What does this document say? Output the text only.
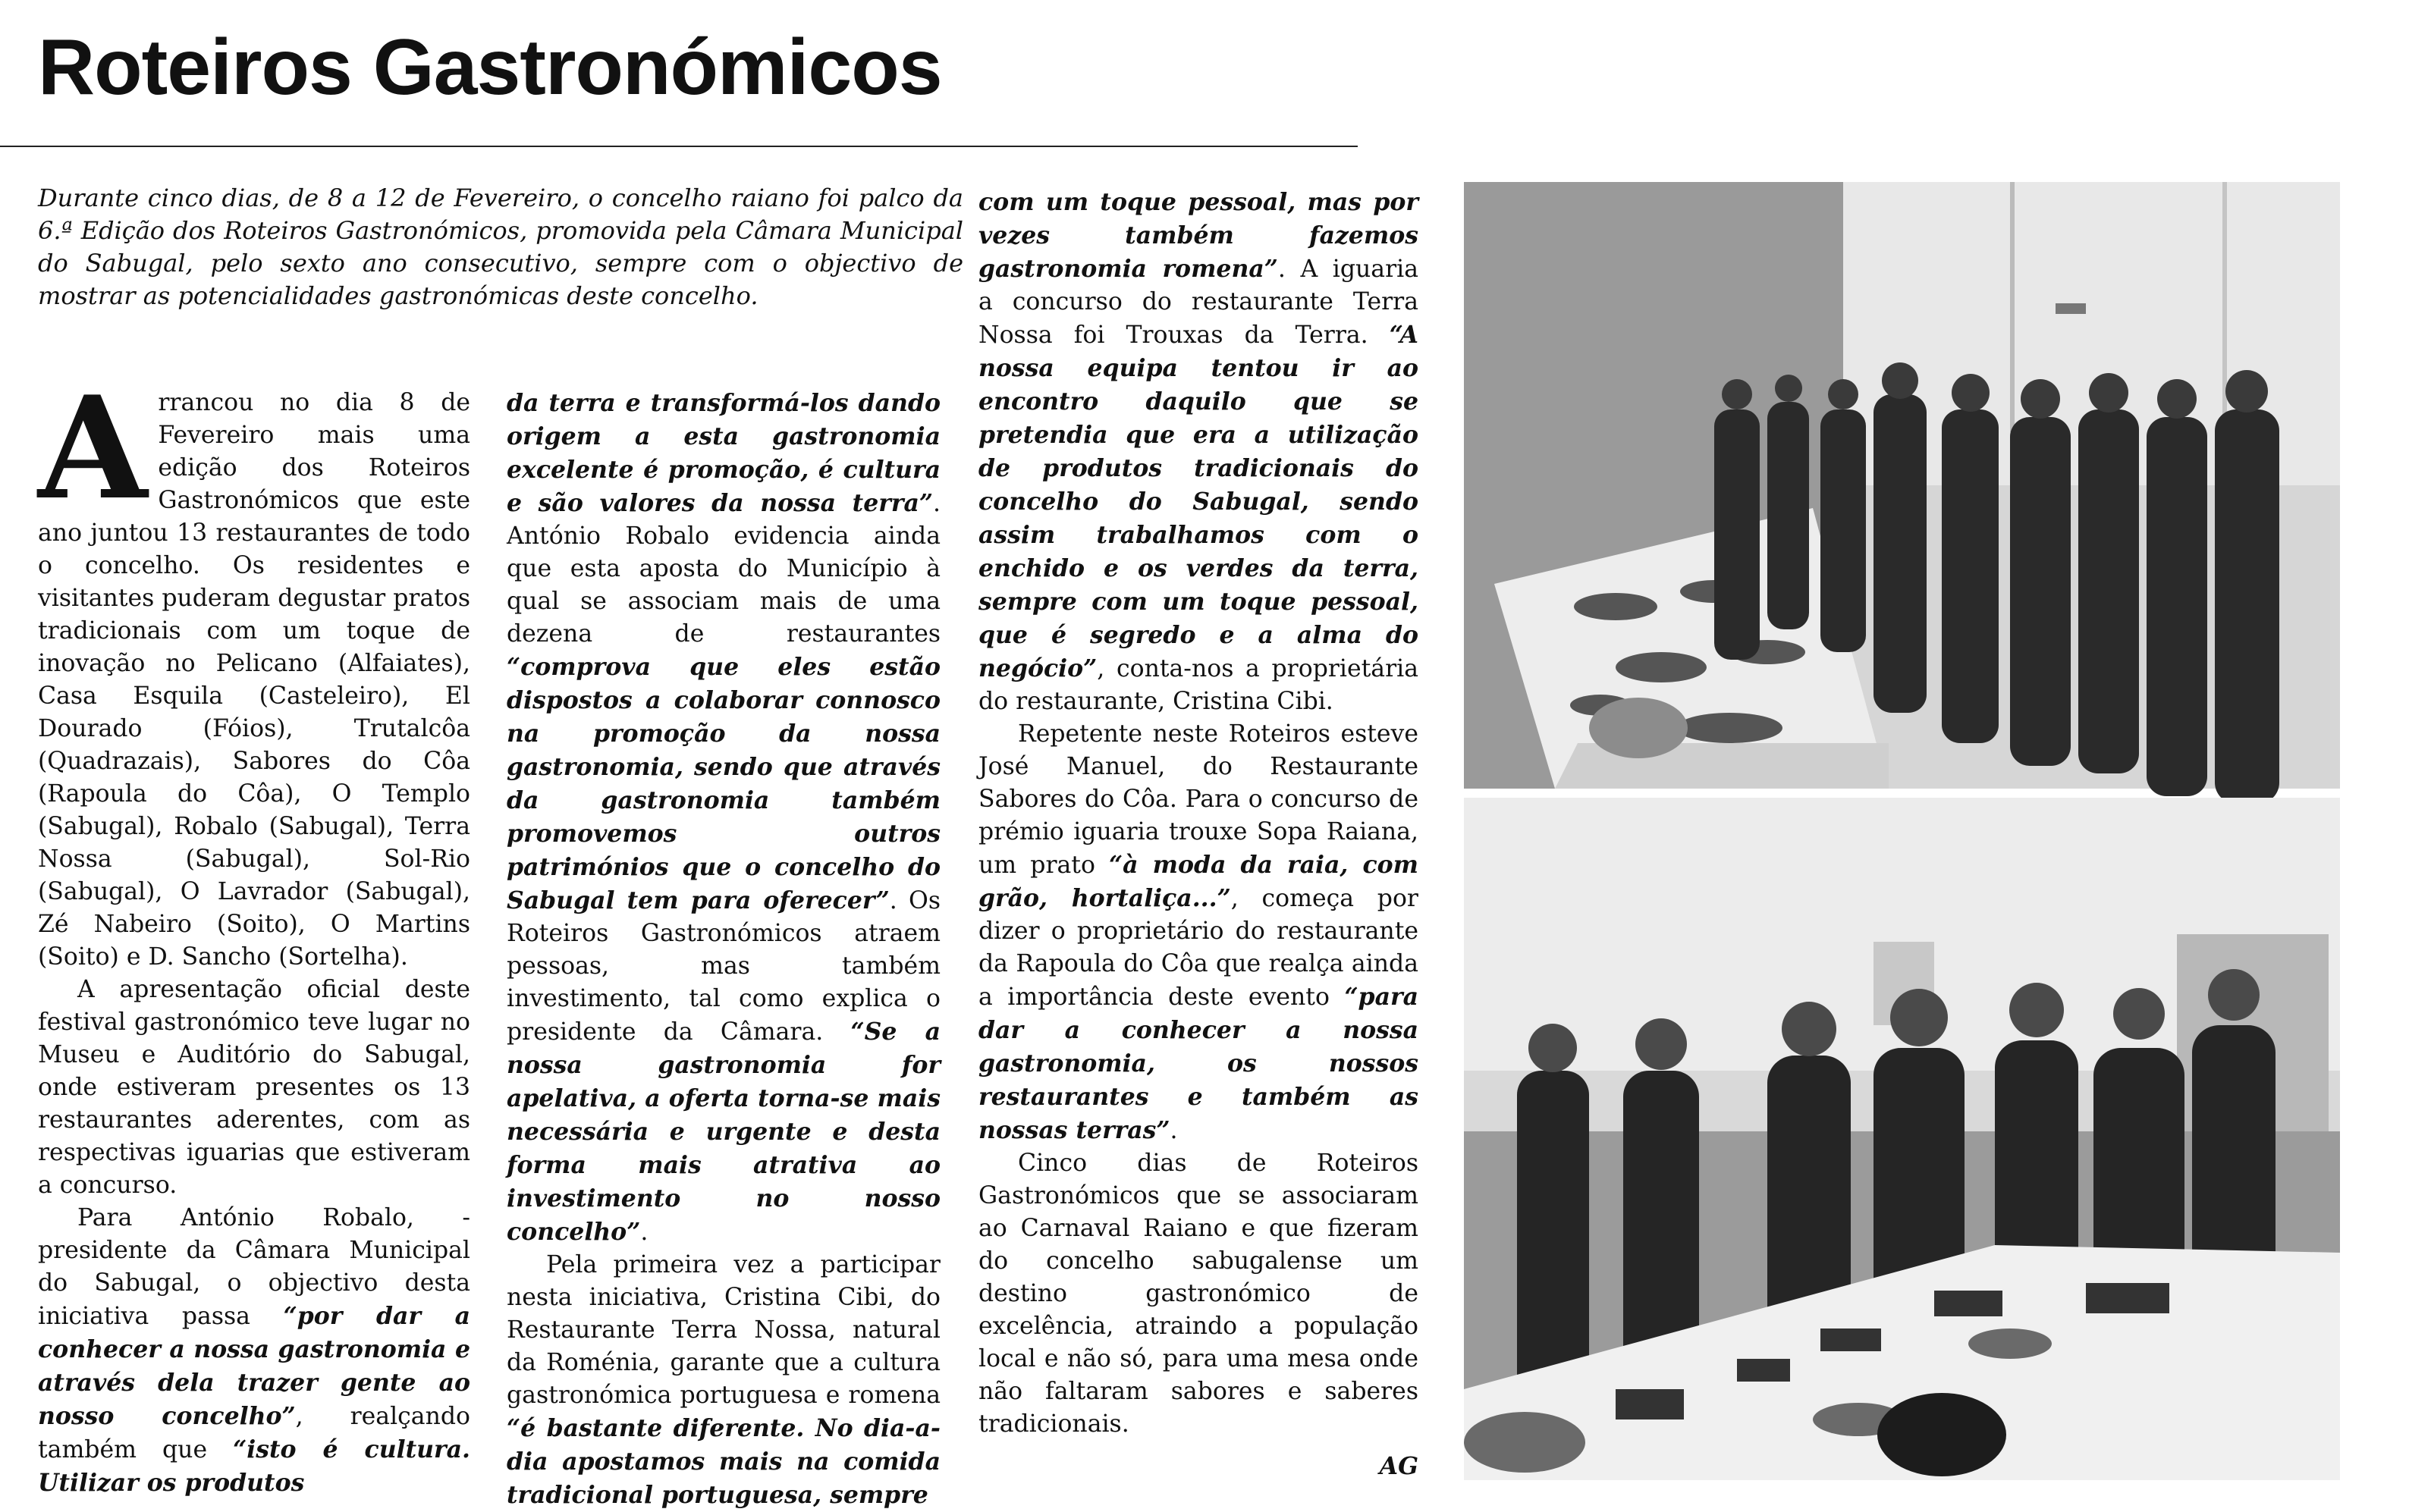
Roteiros Gastronómicos

Durante cinco dias, de 8 a 12 de Fevereiro, o concelho raiano foi palco da 6.ª Edição dos Roteiros Gastronómicos, promovida pela Câmara Municipal do Sabugal, pelo sexto ano consecutivo, sempre com o objectivo de mostrar as potencialidades gastronómicas deste concelho.

Arrancou no dia 8 de Fevereiro mais uma edição dos Roteiros Gastronómicos que este ano juntou 13 restaurantes de todo o concelho. Os residentes e visitantes puderam degustar pratos tradicionais com um toque de inovação no Pelicano (Alfaiates), Casa Esquila (Casteleiro), El Dourado (Fóios), Trutalcôa (Quadrazais), Sabores do Côa (Rapoula do Côa), O Templo (Sabugal), Robalo (Sabugal), Terra Nossa (Sabugal), Sol-Rio (Sabugal), O Lavrador (Sabugal), Zé Nabeiro (Soito), O Martins (Soito) e D. Sancho (Sortelha).

A apresentação oficial deste festival gastronómico teve lugar no Museu e Auditório do Sabugal, onde estiveram presentes os 13 restaurantes aderentes, com as respectivas iguarias que estiveram a concurso.

Para António Robalo, -presidente da Câmara Municipal do Sabugal, o objectivo desta iniciativa passa “por dar a conhecer a nossa gastronomia e através dela trazer gente ao nosso concelho”, realçando também que “isto é cultura. Utilizar os produtos

da terra e transformá-los dando origem a esta gastronomia excelente é promoção, é cultura e são valores da nossa terra”. António Robalo evidencia ainda que esta aposta do Município à qual se associam mais de uma dezena de restaurantes “comprova que eles estão dispostos a colaborar connosco na promoção da nossa gastronomia, sendo que através da gastronomia também promovemos outros patrimónios que o concelho do Sabugal tem para oferecer”. Os Roteiros Gastronómicos atraem pessoas, mas também investimento, tal como explica o presidente da Câmara. “Se a nossa gastronomia for apelativa, a oferta torna-se mais necessária e urgente e desta forma mais atrativa ao investimento no nosso concelho”.

Pela primeira vez a participar nesta iniciativa, Cristina Cibi, do Restaurante Terra Nossa, natural da Roménia, garante que a cultura gastronómica portuguesa e romena “é bastante diferente. No dia-a-dia apostamos mais na comida tradicional portuguesa, sempre

com um toque pessoal, mas por vezes também fazemos gastronomia romena”. A iguaria a concurso do restaurante Terra Nossa foi Trouxas da Terra. “A nossa equipa tentou ir ao encontro daquilo que se pretendia que era a utilização de produtos tradicionais do concelho do Sabugal, sendo assim trabalhamos com o enchido e os verdes da terra, sempre com um toque pessoal, que é segredo e a alma do negócio”, conta-nos a proprietária do restaurante, Cristina Cibi.

Repetente neste Roteiros esteve José Manuel, do Restaurante Sabores do Côa. Para o concurso de prémio iguaria trouxe Sopa Raiana, um prato “à moda da raia, com grão, hortaliça...”, começa por dizer o proprietário do restaurante da Rapoula do Côa que realça ainda a importância deste evento “para dar a conhecer a nossa gastronomia, os nossos restaurantes e também as nossas terras”.

Cinco dias de Roteiros Gastronómicos que se associaram ao Carnaval Raiano e que fizeram do concelho sabugalense um destino gastronómico de excelência, atraindo a população local e não só, para uma mesa onde não faltaram sabores e saberes tradicionais.

AG
